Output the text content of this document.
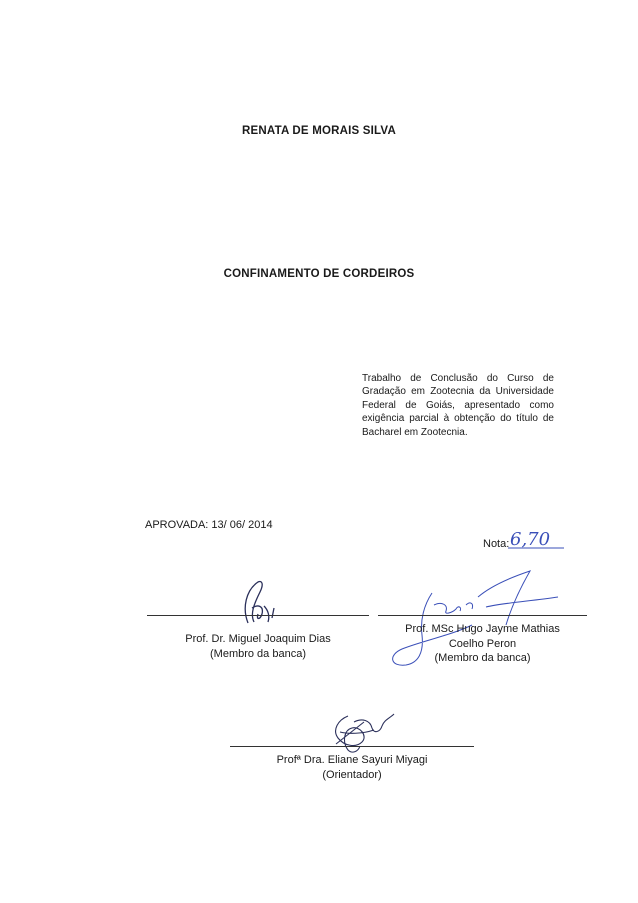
RENATA DE MORAIS SILVA
CONFINAMENTO DE CORDEIROS
Trabalho de Conclusão do Curso de Gradação em Zootecnia da Universidade Federal de Goiás, apresentado como exigência parcial à obtenção do título de Bacharel em Zootecnia.
APROVADA: 13/ 06/ 2014
Nota: 6,70
Prof. Dr. Miguel Joaquim Dias
(Membro da banca)
Prof. MSc Hugo Jayme Mathias
Coelho Peron
(Membro da banca)
Profª Dra. Eliane Sayuri Miyagi
(Orientador)
